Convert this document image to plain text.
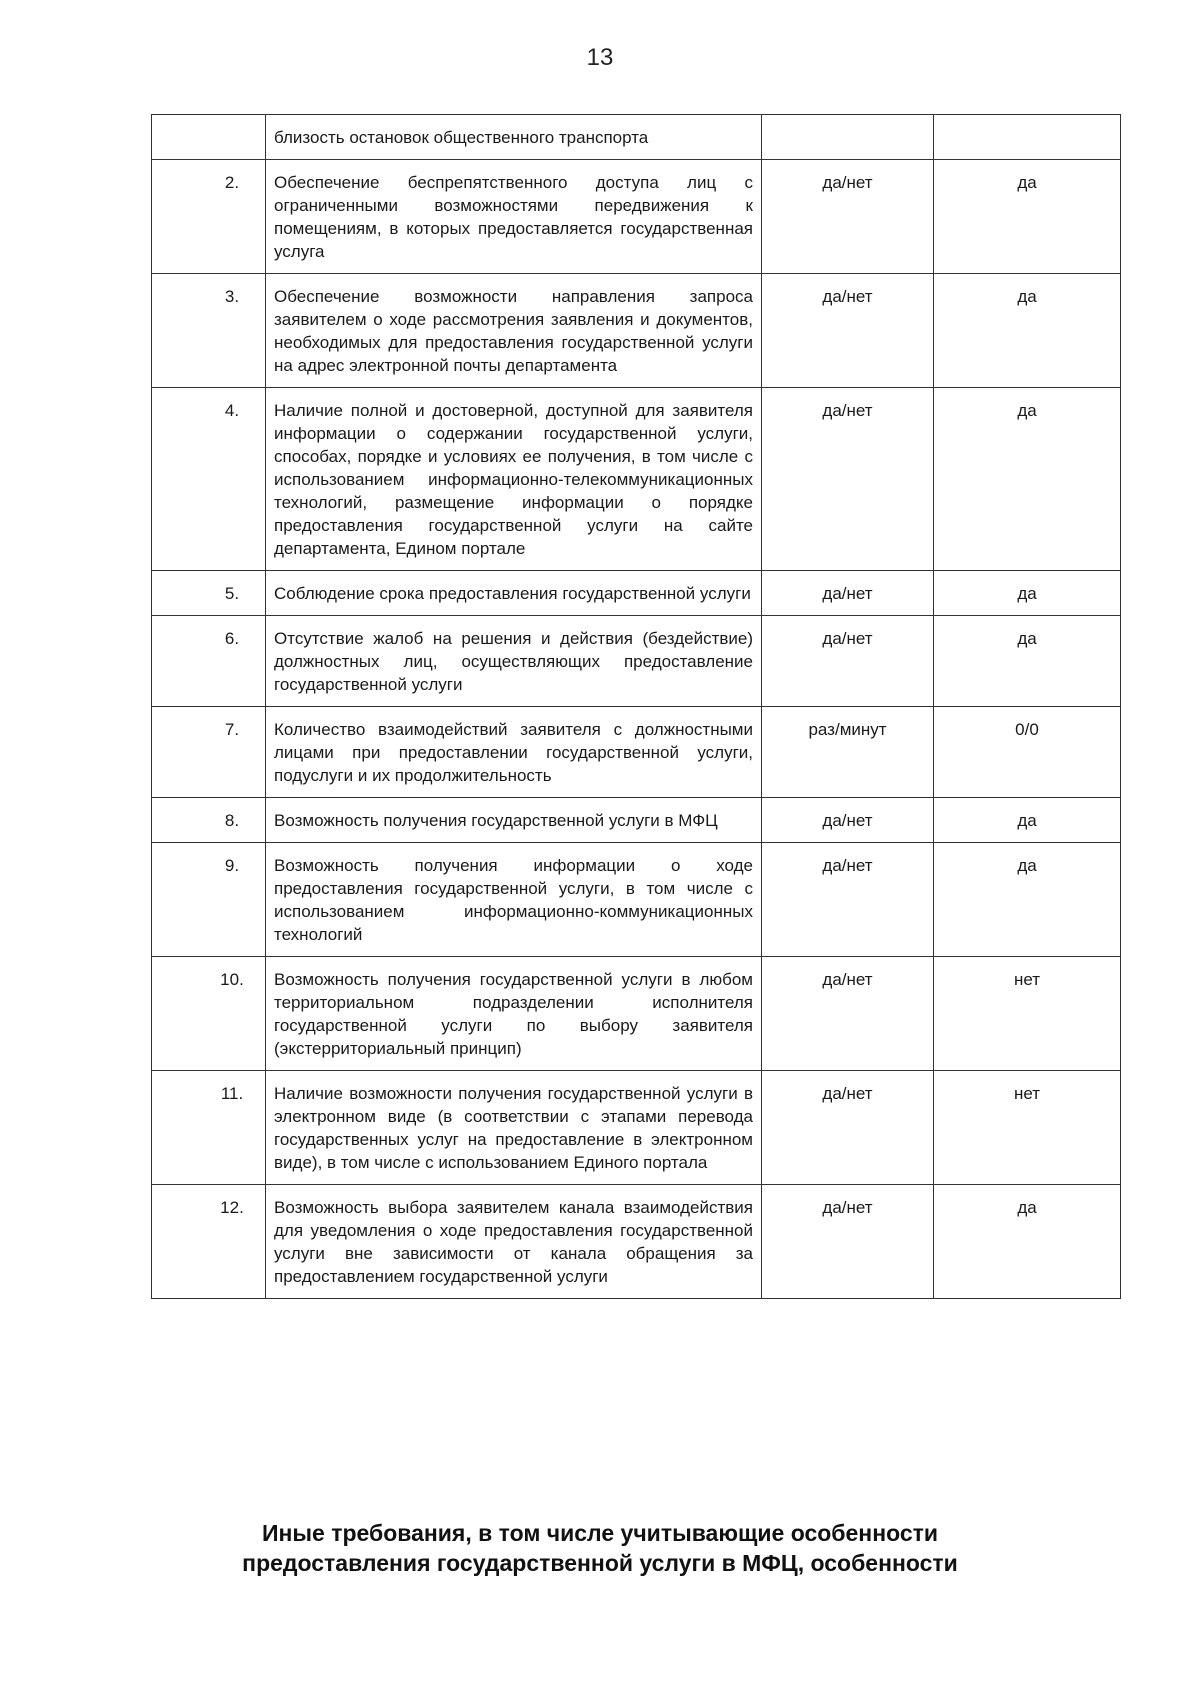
13
	близость остановок общественного транспорта		
2.	Обеспечение беспрепятственного доступа лиц с ограниченными возможностями передвижения к помещениям, в которых предоставляется государственная услуга	да/нет	да
3.	Обеспечение возможности направления запроса заявителем о ходе рассмотрения заявления и документов, необходимых для предоставления государственной услуги на адрес электронной почты департамента	да/нет	да
4.	Наличие полной и достоверной, доступной для заявителя информации о содержании государственной услуги, способах, порядке и условиях ее получения, в том числе с использованием информационно-телекоммуникационных технологий, размещение информации о порядке предоставления государственной услуги на сайте департамента, Едином портале	да/нет	да
5.	Соблюдение срока предоставления государственной услуги	да/нет	да
6.	Отсутствие жалоб на решения и действия (бездействие) должностных лиц, осуществляющих предоставление государственной услуги	да/нет	да
7.	Количество взаимодействий заявителя с должностными лицами при предоставлении государственной услуги, подуслуги и их продолжительность	раз/минут	0/0
8.	Возможность получения государственной услуги в МФЦ	да/нет	да
9.	Возможность получения информации о ходе предоставления государственной услуги, в том числе с использованием информационно-коммуникационных технологий	да/нет	да
10.	Возможность получения государственной услуги в любом территориальном подразделении исполнителя государственной услуги по выбору заявителя (экстерриториальный принцип)	да/нет	нет
11.	Наличие возможности получения государственной услуги в электронном виде (в соответствии с этапами перевода государственных услуг на предоставление в электронном виде), в том числе с использованием Единого портала	да/нет	нет
12.	Возможность выбора заявителем канала взаимодействия для уведомления о ходе предоставления государственной услуги вне зависимости от канала обращения за предоставлением государственной услуги	да/нет	да
Иные требования, в том числе учитывающие особенности
предоставления государственной услуги в МФЦ, особенности
